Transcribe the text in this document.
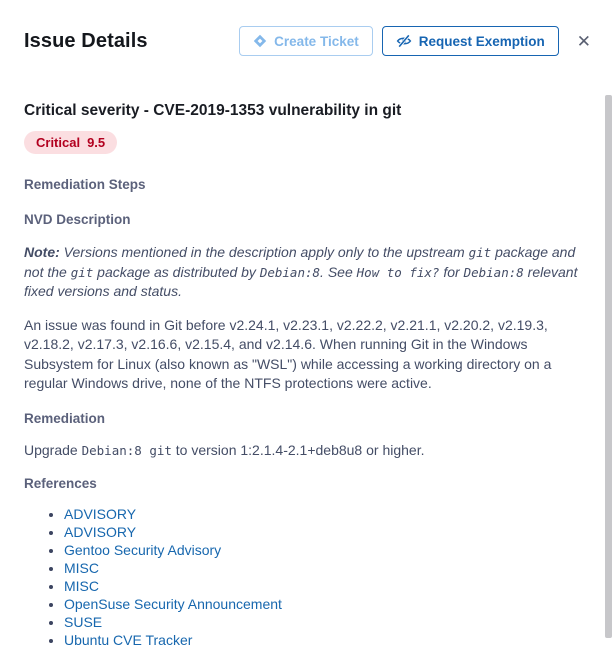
Issue Details	Create Ticket	Request Exemption	✕
Critical severity - CVE-2019-1353 vulnerability in git
Critical 9.5
Remediation Steps
NVD Description

Note: Versions mentioned in the description apply only to the upstream git package and not the git package as distributed by Debian:8. See How to fix? for Debian:8 relevant fixed versions and status.

An issue was found in Git before v2.24.1, v2.23.1, v2.22.2, v2.21.1, v2.20.2, v2.19.3, v2.18.2, v2.17.3, v2.16.6, v2.15.4, and v2.14.6. When running Git in the Windows Subsystem for Linux (also known as "WSL") while accessing a working directory on a regular Windows drive, none of the NTFS protections were active.

Remediation

Upgrade Debian:8 git to version 1:2.1.4-2.1+deb8u8 or higher.

References
• ADVISORY
• ADVISORY
• Gentoo Security Advisory
• MISC
• MISC
• OpenSuse Security Announcement
• SUSE
• Ubuntu CVE Tracker
